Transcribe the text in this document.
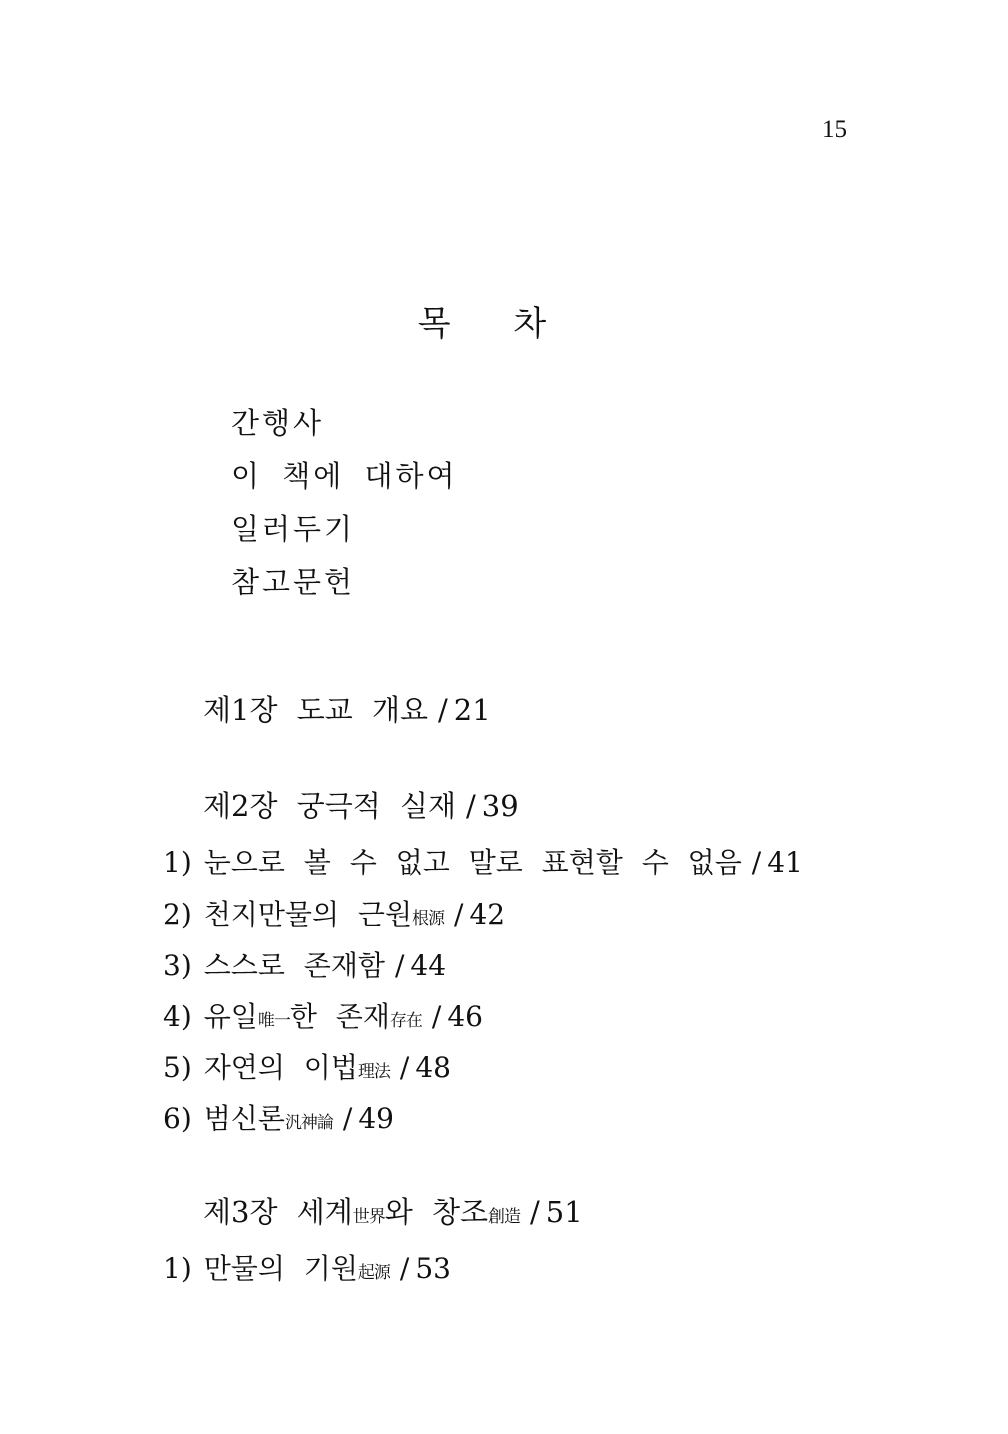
15
목 차
간행사
이 책에 대하여
일러두기
참고문헌
제1장 도교 개요 / 21
제2장 궁극적 실재 / 39
1) 눈으로 볼 수 없고 말로 표현할 수 없음 / 41
2) 천지만물의 근원根源 / 42
3) 스스로 존재함 / 44
4) 유일唯一한 존재存在 / 46
5) 자연의 이법理法 / 48
6) 범신론汎神論 / 49
제3장 세계世界와 창조創造 / 51
1) 만물의 기원起源 / 53
